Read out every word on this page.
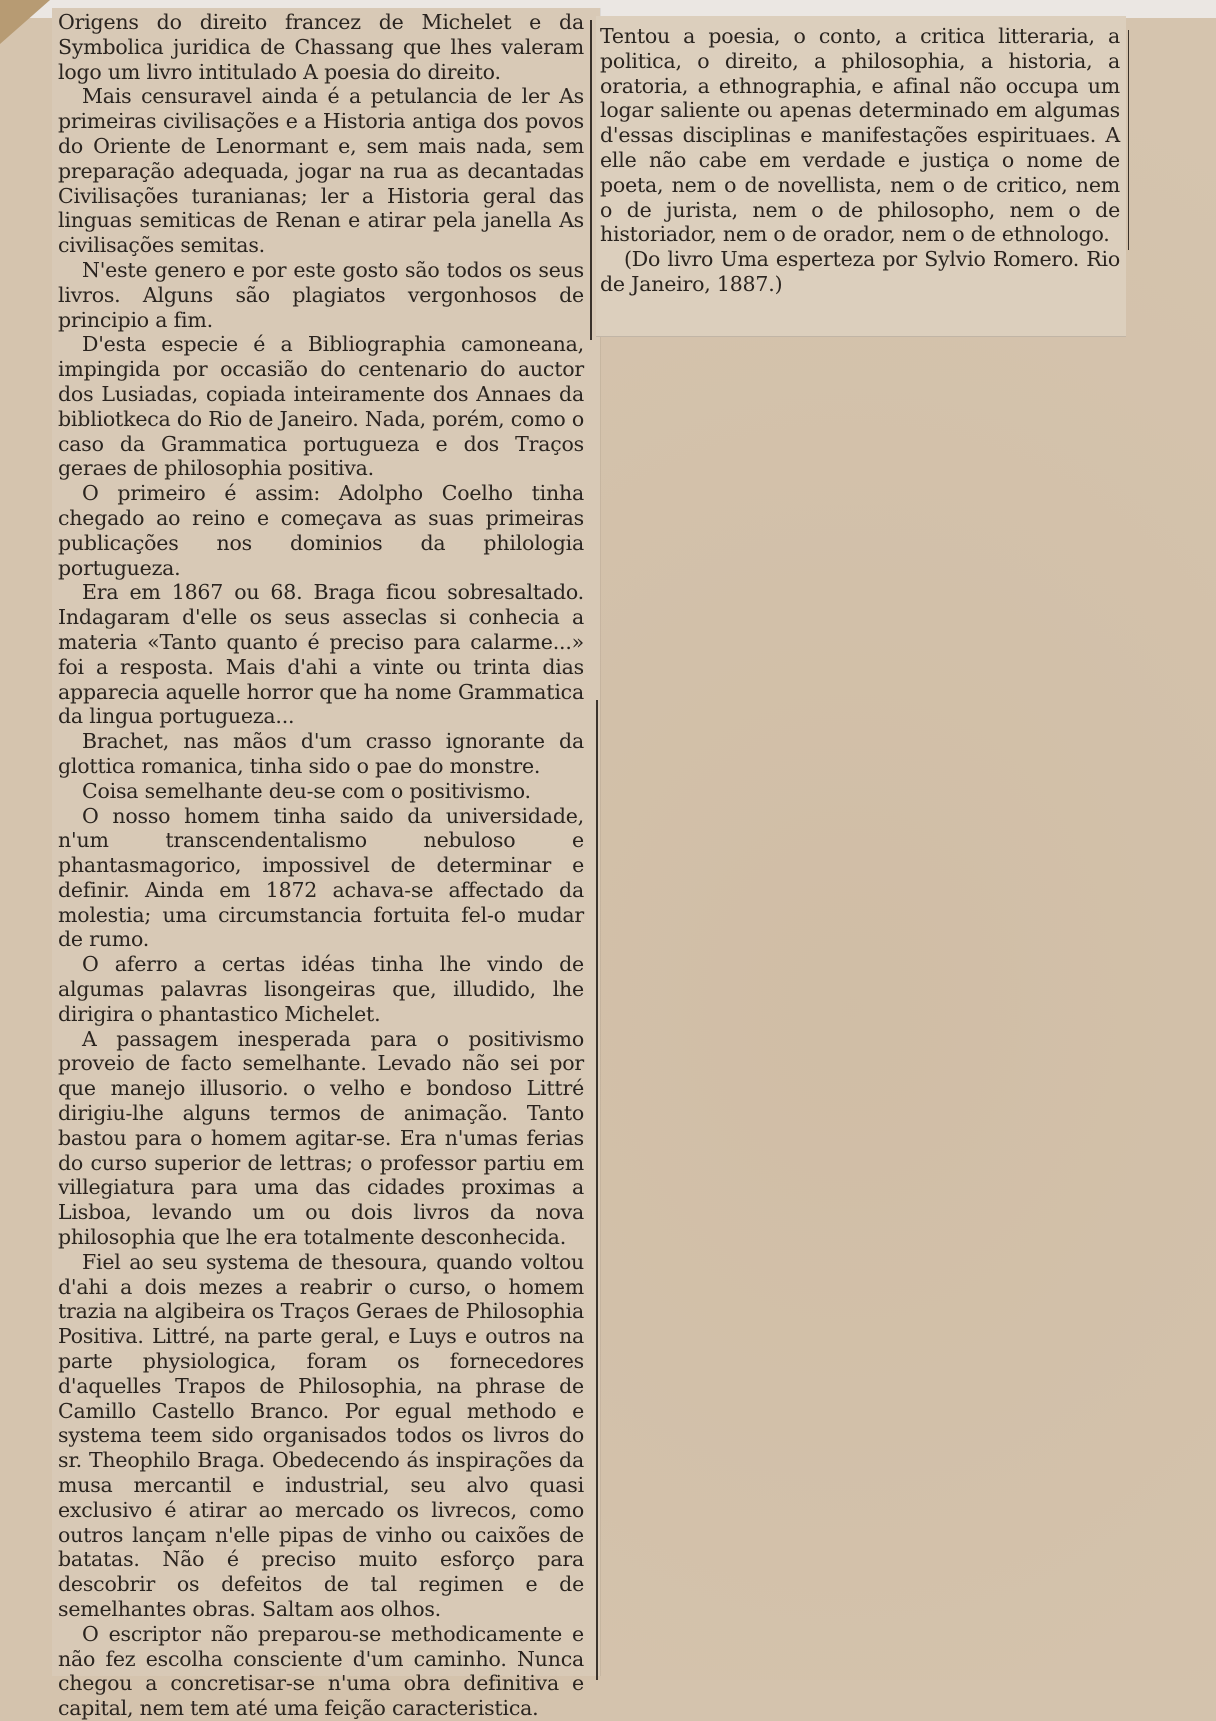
Origens do direito francez de Michelet e da Symbolica juridica de Chassang que lhes valeram logo um livro intitulado A poesia do direito.

Mais censuravel ainda é a petulancia de ler As primeiras civilisações e a Historia antiga dos povos do Oriente de Lenormant e, sem mais nada, sem preparação adequada, jogar na rua as decantadas Civilisações turanianas; ler a Historia geral das linguas semiticas de Renan e atirar pela janella As civilisações semitas.

N'este genero e por este gosto são todos os seus livros. Alguns são plagiatos vergonhosos de principio a fim.

D'esta especie é a Bibliographia camoneana, impingida por occasião do centenario do auctor dos Lusiadas, copiada inteiramente dos Annaes da bibliotkeca do Rio de Janeiro. Nada, porém, como o caso da Grammatica portugueza e dos Traços geraes de philosophia positiva.

O primeiro é assim: Adolpho Coelho tinha chegado ao reino e começava as suas primeiras publicações nos dominios da philologia portugueza.

Era em 1867 ou 68. Braga ficou sobresaltado. Indagaram d'elle os seus asseclas si conhecia a materia «Tanto quanto é preciso para calarme...» foi a resposta. Mais d'ahi a vinte ou trinta dias apparecia aquelle horror que ha nome Grammatica da lingua portugueza...

Brachet, nas mãos d'um crasso ignorante da glottica romanica, tinha sido o pae do monstre.

Coisa semelhante deu-se com o positivismo.

O nosso homem tinha saido da universidade, n'um transcendentalismo nebuloso e phantasmagorico, impossivel de determinar e definir. Ainda em 1872 achava-se affectado da molestia; uma circumstancia fortuita fel-o mudar de rumo.

O aferro a certas idéas tinha lhe vindo de algumas palavras lisongeiras que, illudido, lhe dirigira o phantastico Michelet.

A passagem inesperada para o positivismo proveio de facto semelhante. Levado não sei por que manejo illusorio. o velho e bondoso Littré dirigiu-lhe alguns termos de animação. Tanto bastou para o homem agitar-se. Era n'umas ferias do curso superior de lettras; o professor partiu em villegiatura para uma das cidades proximas a Lisboa, levando um ou dois livros da nova philosophia que lhe era totalmente desconhecida.

Fiel ao seu systema de thesoura, quando voltou d'ahi a dois mezes a reabrir o curso, o homem trazia na algibeira os Traços Geraes de Philosophia Positiva. Littré, na parte geral, e Luys e outros na parte physiologica, foram os fornecedores d'aquelles Trapos de Philosophia, na phrase de Camillo Castello Branco. Por egual methodo e systema teem sido organisados todos os livros do sr. Theophilo Braga. Obedecendo ás inspirações da musa mercantil e industrial, seu alvo quasi exclusivo é atirar ao mercado os livrecos, como outros lançam n'elle pipas de vinho ou caixões de batatas. Não é preciso muito esforço para descobrir os defeitos de tal regimen e de semelhantes obras. Saltam aos olhos.

O escriptor não preparou-se methodicamente e não fez escolha consciente d'um caminho. Nunca chegou a concretisar-se n'uma obra definitiva e capital, nem tem até uma feição caracteristica.

Tentou a poesia, o conto, a critica litteraria, a politica, o direito, a philosophia, a historia, a oratoria, a ethnographia, e afinal não occupa um logar saliente ou apenas determinado em algumas d'essas disciplinas e manifestações espirituaes. A elle não cabe em verdade e justiça o nome de poeta, nem o de novellista, nem o de critico, nem o de jurista, nem o de philosopho, nem o de historiador, nem o de orador, nem o de ethnologo.

(Do livro Uma esperteza por Sylvio Romero. Rio de Janeiro, 1887.)
